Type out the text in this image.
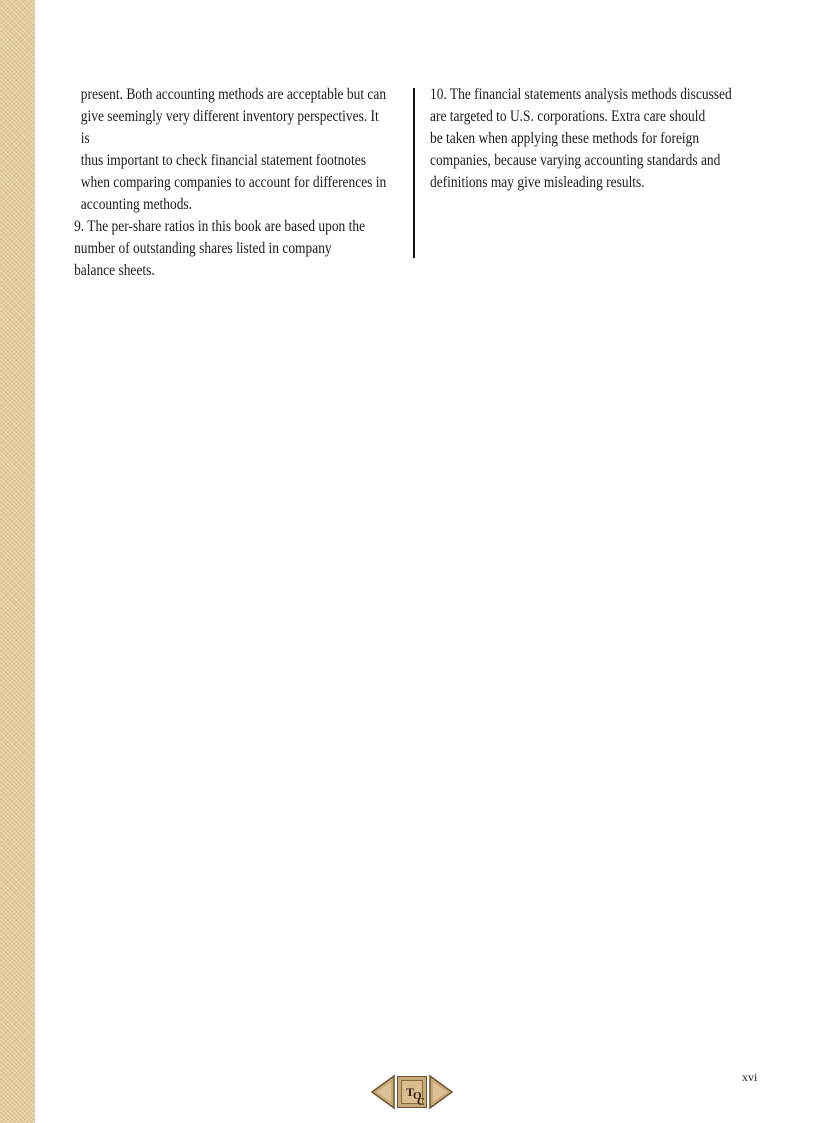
present. Both accounting methods are acceptable but can
give seemingly very different inventory perspectives. It is
thus important to check financial statement footnotes
when comparing companies to account for differences in
accounting methods.
9. The per-share ratios in this book are based upon the
number of outstanding shares listed in company
balance sheets.
10. The financial statements analysis methods discussed
are targeted to U.S. corporations. Extra care should
be taken when applying these methods for foreign
companies, because varying accounting standards and
definitions may give misleading results.
T
O
C
xvi
